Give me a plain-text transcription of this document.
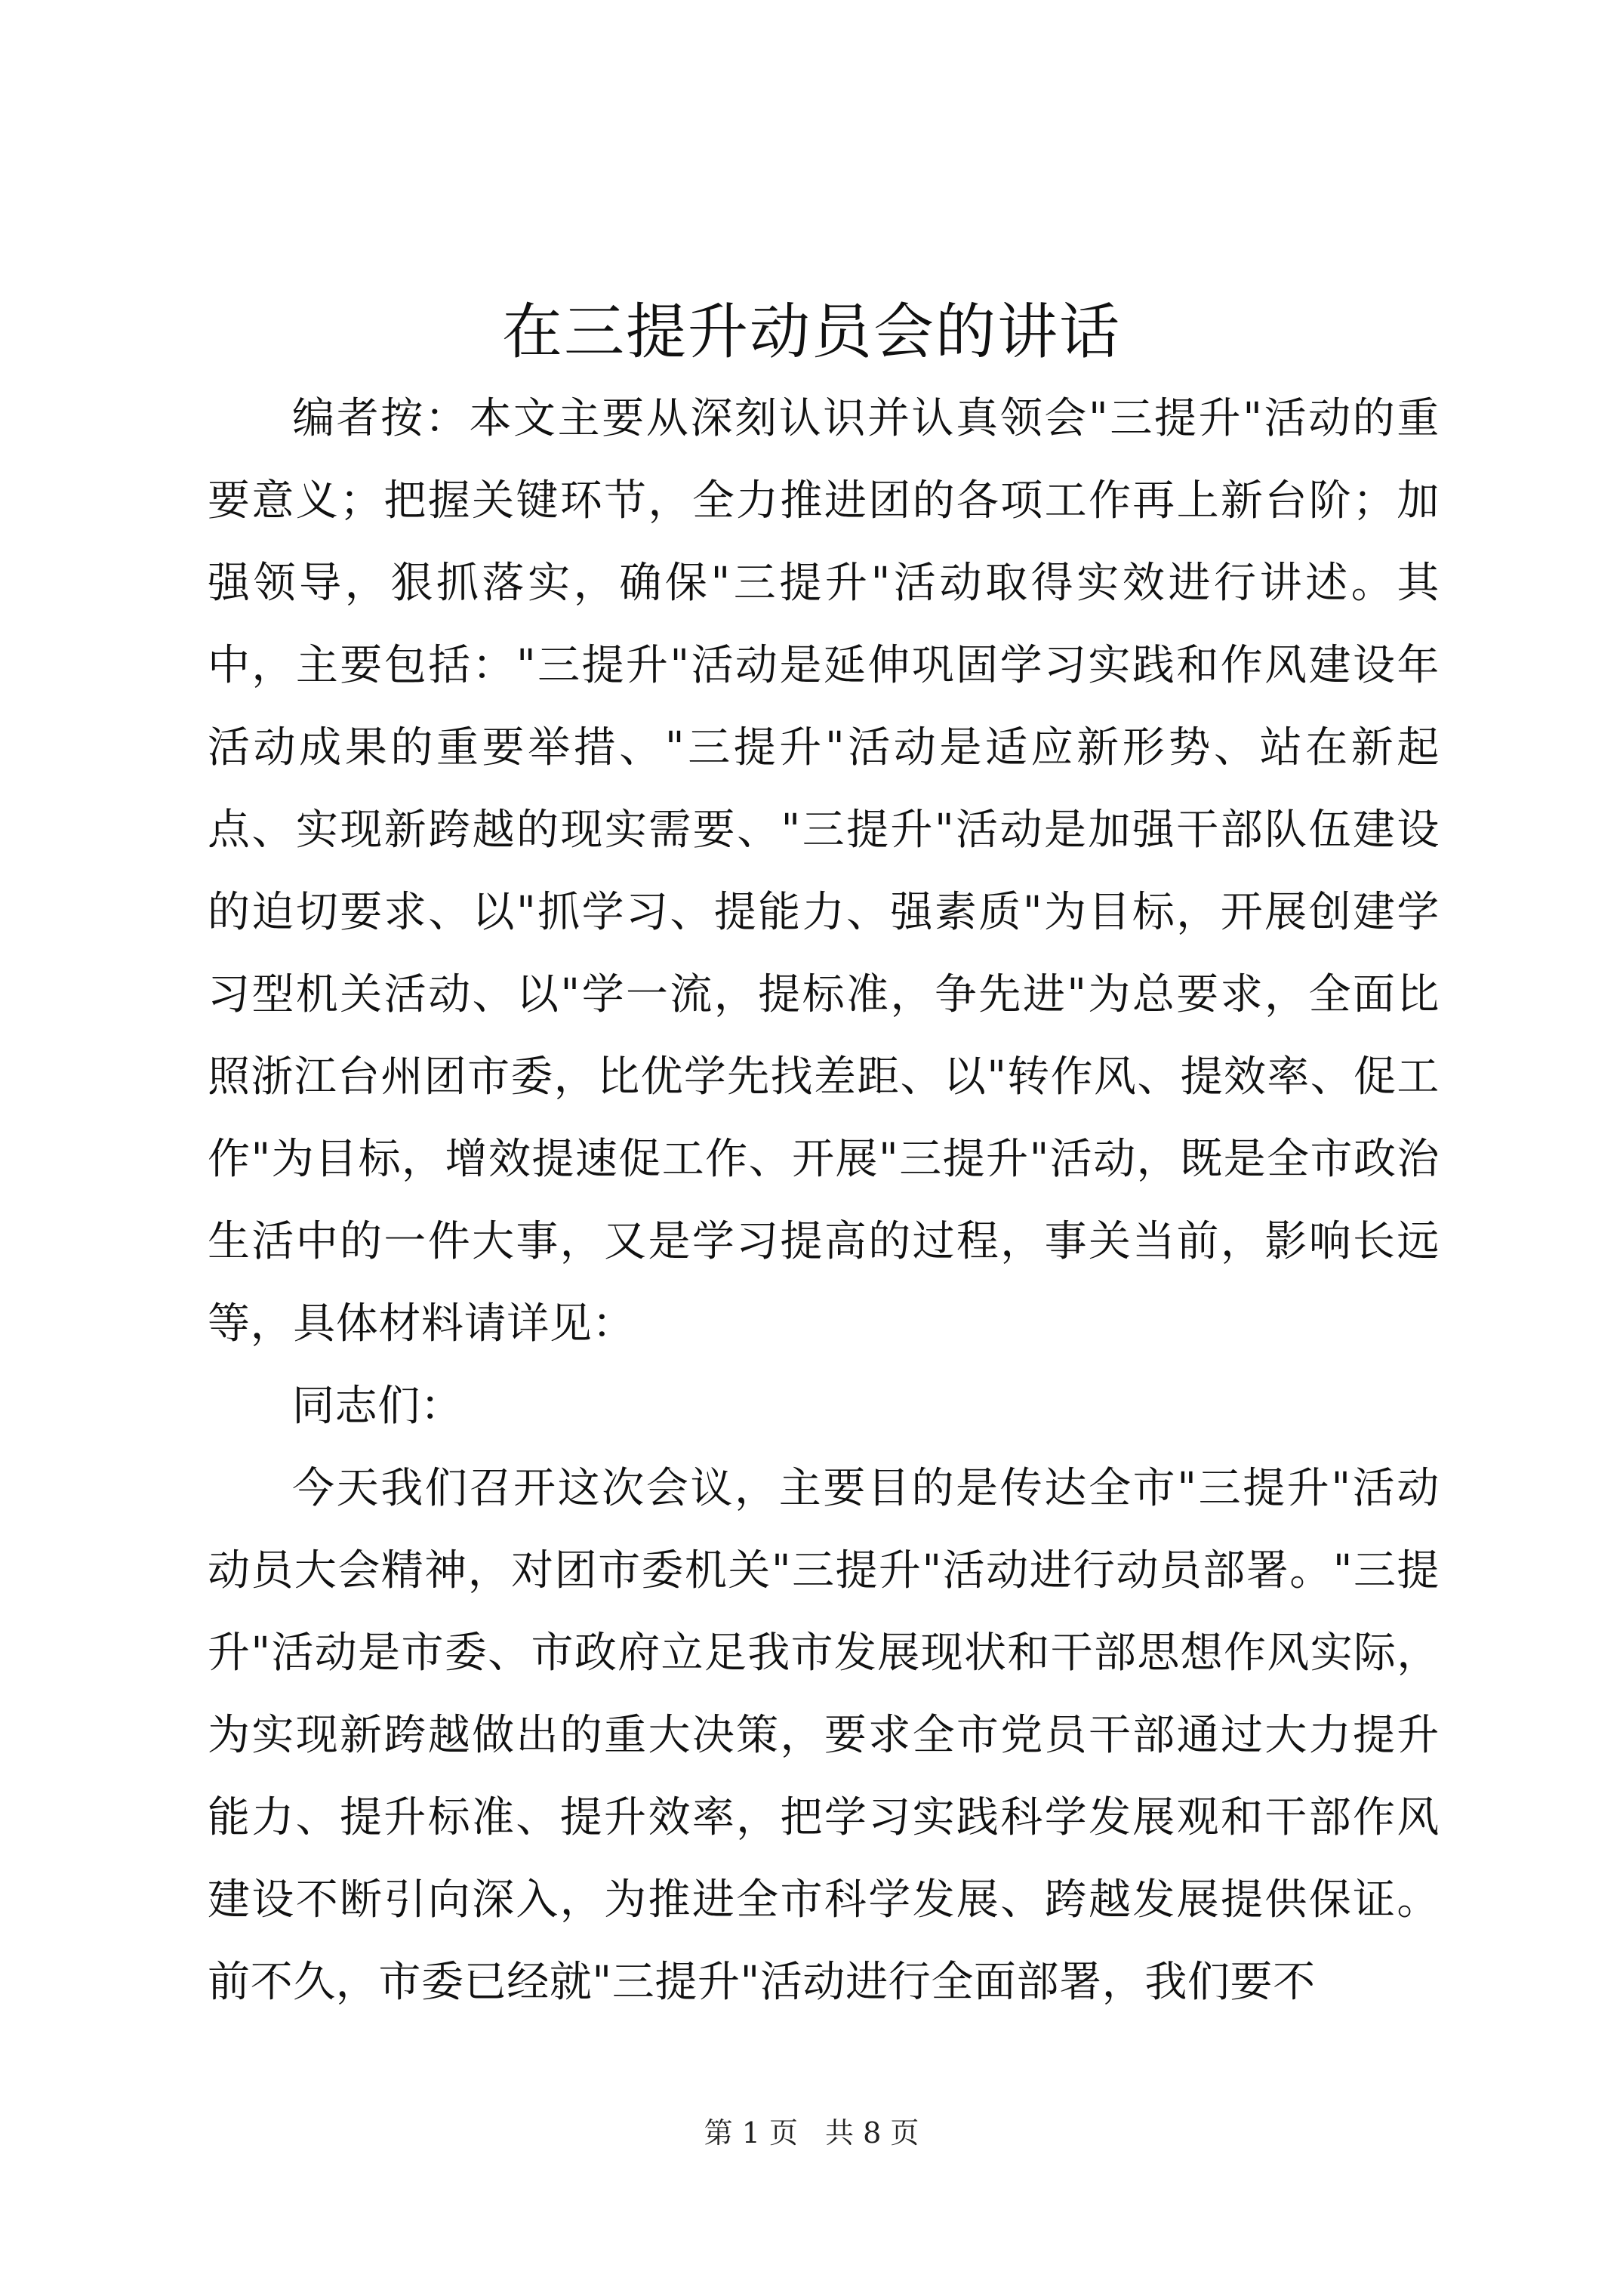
在三提升动员会的讲话

编者按：本文主要从深刻认识并认真领会"三提升"活动的重要意义；把握关键环节，全力推进团的各项工作再上新台阶；加强领导，狠抓落实，确保"三提升"活动取得实效进行讲述。其中，主要包括："三提升"活动是延伸巩固学习实践和作风建设年活动成果的重要举措、"三提升"活动是适应新形势、站在新起点、实现新跨越的现实需要、"三提升"活动是加强干部队伍建设的迫切要求、以"抓学习、提能力、强素质"为目标，开展创建学习型机关活动、以"学一流，提标准，争先进"为总要求，全面比照浙江台州团市委，比优学先找差距、以"转作风、提效率、促工作"为目标，增效提速促工作、开展"三提升"活动，既是全市政治生活中的一件大事，又是学习提高的过程，事关当前，影响长远等，具体材料请详见：

同志们：

今天我们召开这次会议，主要目的是传达全市"三提升"活动动员大会精神，对团市委机关"三提升"活动进行动员部署。"三提升"活动是市委、市政府立足我市发展现状和干部思想作风实际，为实现新跨越做出的重大决策，要求全市党员干部通过大力提升能力、提升标准、提升效率，把学习实践科学发展观和干部作风建设不断引向深入，为推进全市科学发展、跨越发展提供保证。前不久，市委已经就"三提升"活动进行全面部署，我们要不

第 1 页 共 8 页
